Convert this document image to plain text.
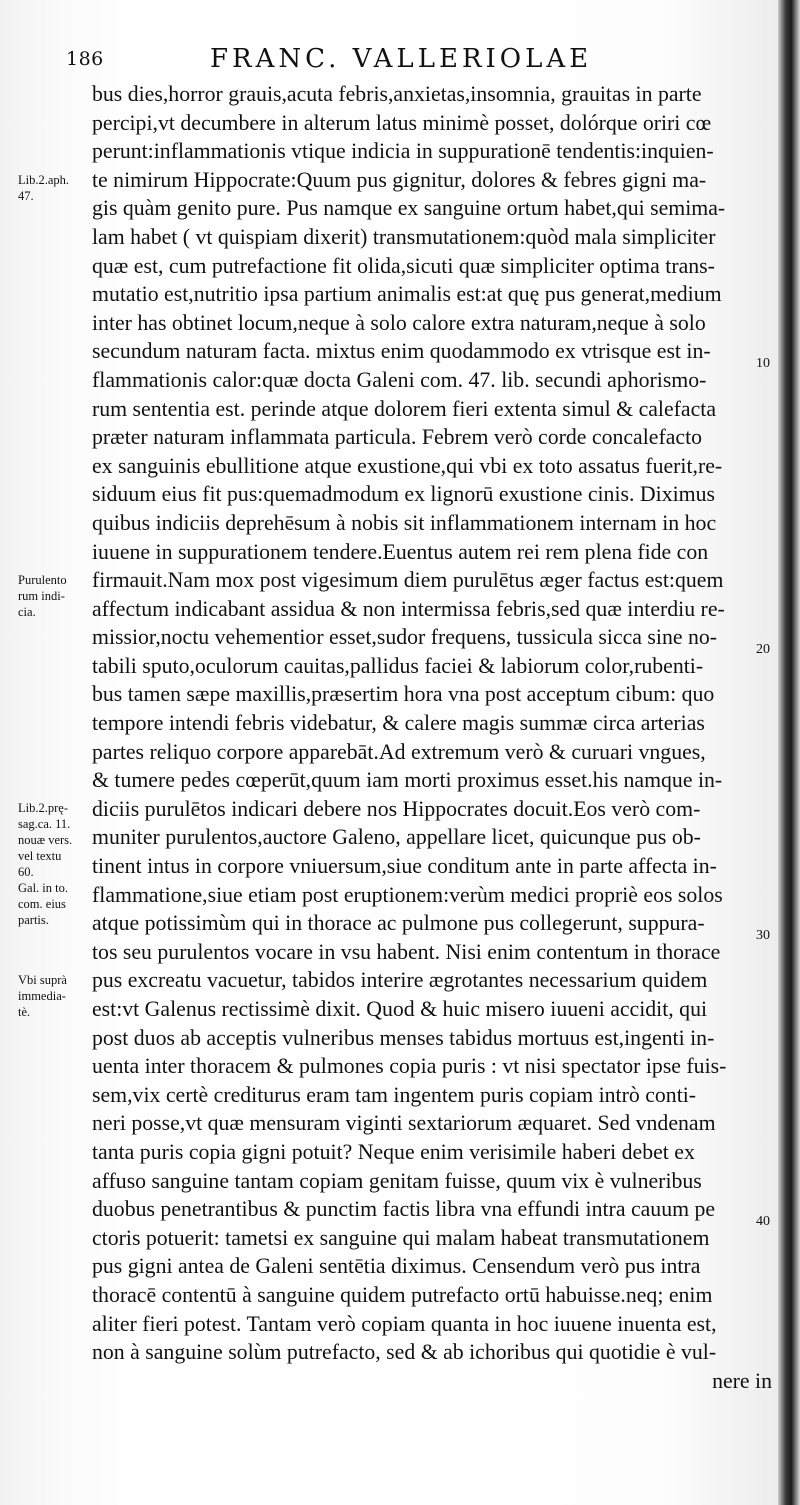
186	FRANC. VALLERIOLAE
bus dies,horror grauis,acuta febris,anxietas,insomnia, grauitas in parte
percipi,vt decumbere in alterum latus minimè posset, dolórque oriri cœ
perunt:inflammationis vtique indicia in suppurationē tendentis:inquien-
te nimirum Hippocrate:Quum pus gignitur, dolores & febres gigni ma-
gis quàm genito pure. Pus namque ex sanguine ortum habet,qui semima-
lam habet ( vt quispiam dixerit) transmutationem:quòd mala simpliciter
quæ est, cum putrefactione fit olida,sicuti quæ simpliciter optima trans-
mutatio est,nutritio ipsa partium animalis est:at quę pus generat,medium
inter has obtinet locum,neque à solo calore extra naturam,neque à solo
secundum naturam facta. mixtus enim quodammodo ex vtrisque est in-
flammationis calor:quæ docta Galeni com. 47. lib. secundi aphorismo-
rum sententia est. perinde atque dolorem fieri extenta simul & calefacta
præter naturam inflammata particula. Febrem verò corde concalefacto
ex sanguinis ebullitione atque exustione,qui vbi ex toto assatus fuerit,re-
siduum eius fit pus:quemadmodum ex lignorū exustione cinis. Diximus
quibus indiciis deprehēsum à nobis sit inflammationem internam in hoc
iuuene in suppurationem tendere.Euentus autem rei rem plena fide con
firmauit.Nam mox post vigesimum diem purulētus æger factus est:quem
affectum indicabant assidua & non intermissa febris,sed quæ interdiu re-
missior,noctu vehementior esset,sudor frequens, tussicula sicca sine no-
tabili sputo,oculorum cauitas,pallidus faciei & labiorum color,rubenti-
bus tamen sæpe maxillis,præsertim hora vna post acceptum cibum: quo
tempore intendi febris videbatur, & calere magis summæ circa arterias
partes reliquo corpore apparebāt.Ad extremum verò & curuari vngues,
& tumere pedes cœperūt,quum iam morti proximus esset.his namque in-
diciis purulētos indicari debere nos Hippocrates docuit.Eos verò com-
muniter purulentos,auctore Galeno, appellare licet, quicunque pus ob-
tinent intus in corpore vniuersum,siue conditum ante in parte affecta in-
flammatione,siue etiam post eruptionem:verùm medici propriè eos solos
atque potissimùm qui in thorace ac pulmone pus collegerunt, suppura-
tos seu purulentos vocare in vsu habent. Nisi enim contentum in thorace
pus excreatu vacuetur, tabidos interire ægrotantes necessarium quidem
est:vt Galenus rectissimè dixit. Quod & huic misero iuueni accidit, qui
post duos ab acceptis vulneribus menses tabidus mortuus est,ingenti in-
uenta inter thoracem & pulmones copia puris : vt nisi spectator ipse fuis-
sem,vix certè crediturus eram tam ingentem puris copiam intrò conti-
neri posse,vt quæ mensuram viginti sextariorum æquaret. Sed vndenam
tanta puris copia gigni potuit? Neque enim verisimile haberi debet ex
affuso sanguine tantam copiam genitam fuisse, quum vix è vulneribus
duobus penetrantibus & punctim factis libra vna effundi intra cauum pe
ctoris potuerit: tametsi ex sanguine qui malam habeat transmutationem
pus gigni antea de Galeni sentētia diximus. Censendum verò pus intra
thoracē contentū à sanguine quidem putrefacto ortū habuisse.neq; enim
aliter fieri potest. Tantam verò copiam quanta in hoc iuuene inuenta est,
non à sanguine solùm putrefacto, sed & ab ichoribus qui quotidie è vul-
nere in
Lib.2.aph.
47.
Purulento
rum indi-
cia.
Lib.2.prę-
sag.ca. 11.
nouæ vers.
vel textu
60.
Gal. in to.
com. eius
partis.
Vbi suprà
immedia-
tè.
10
20
30
40
